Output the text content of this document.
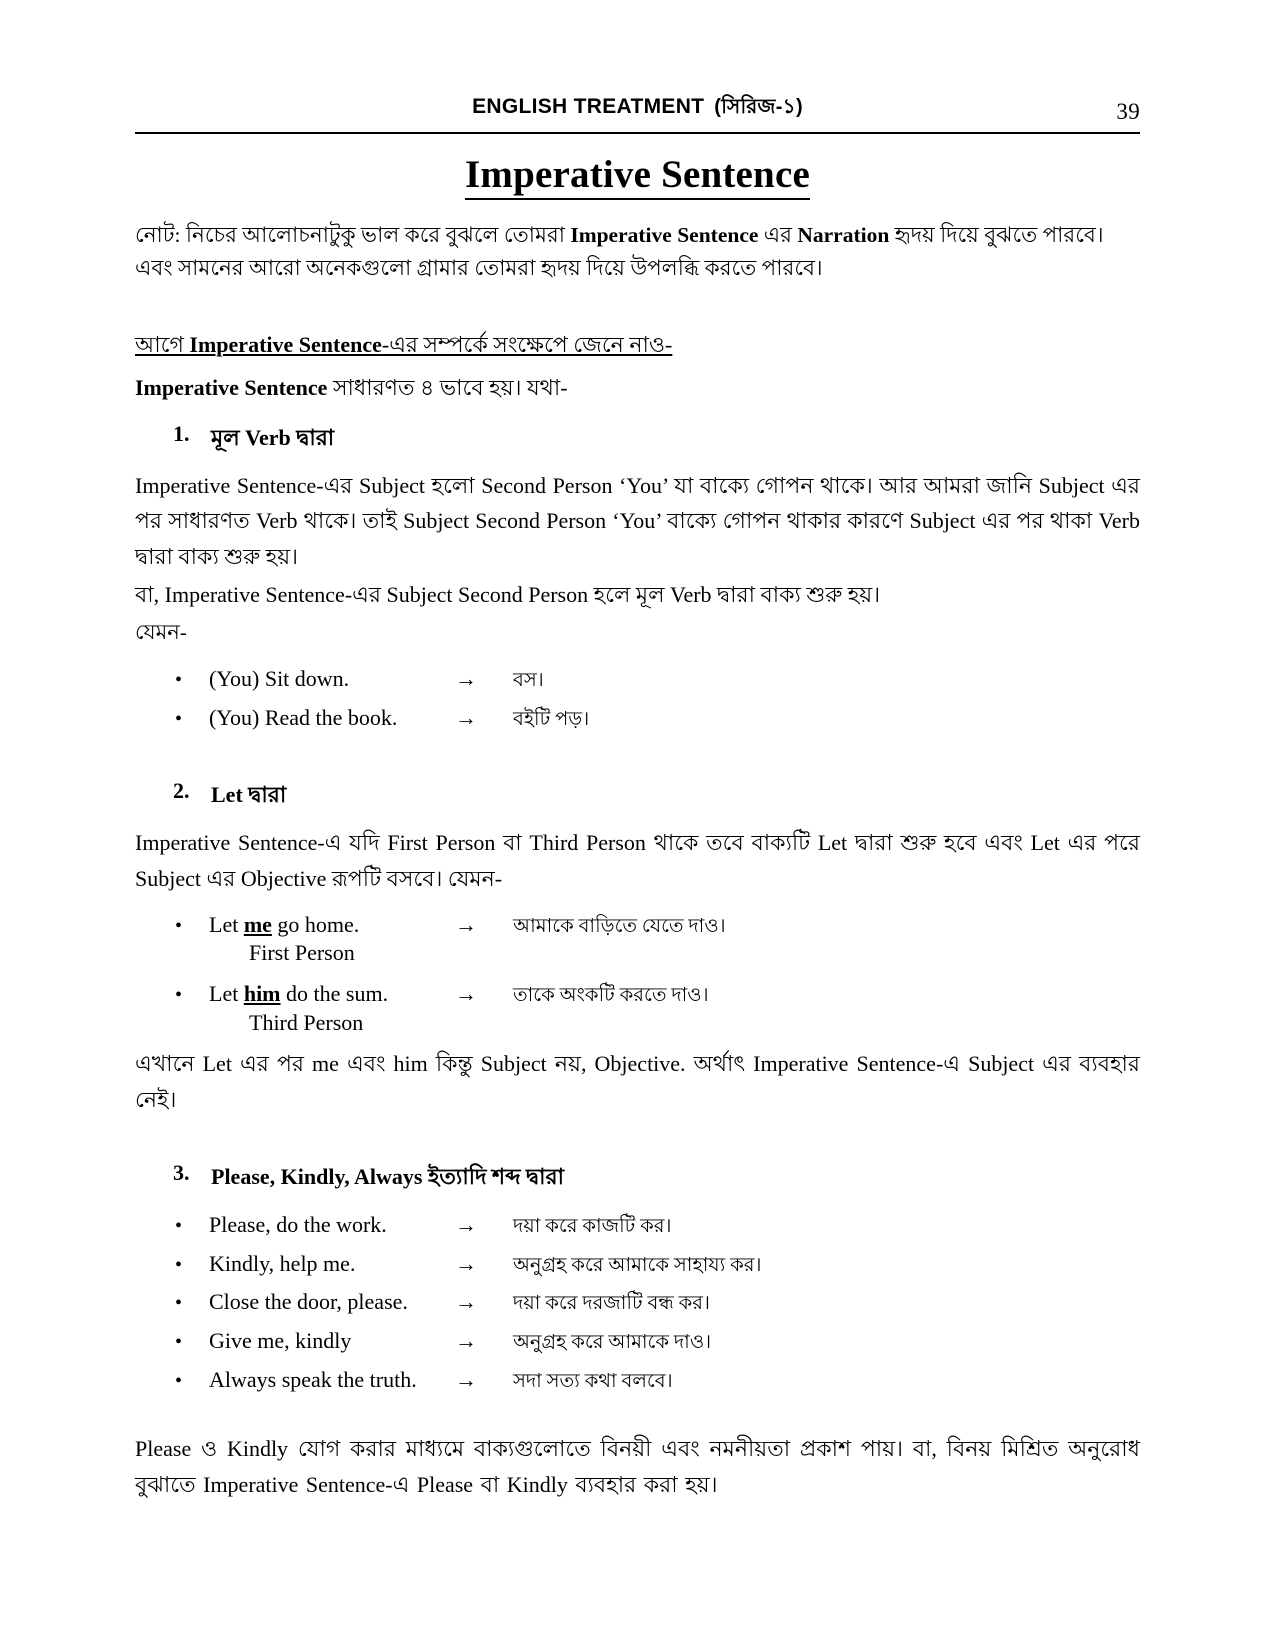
ENGLISH TREATMENT (সিরিজ-১)	39
Imperative Sentence
নোট: নিচের আলোচনাটুকু ভাল করে বুঝলে তোমরা Imperative Sentence এর Narration হৃদয় দিয়ে বুঝতে পারবে।
এবং সামনের আরো অনেকগুলো গ্রামার তোমরা হৃদয় দিয়ে উপলব্ধি করতে পারবে।
আগে Imperative Sentence-এর সম্পর্কে সংক্ষেপে জেনে নাও-
Imperative Sentence সাধারণত ৪ ভাবে হয়। যথা-
1. মূল Verb দ্বারা
Imperative Sentence-এর Subject হলো Second Person ‘You’ যা বাক্যে গোপন থাকে। আর আমরা জানি Subject এর পর সাধারণত Verb থাকে। তাই Subject Second Person ‘You’ বাক্যে গোপন থাকার কারণে Subject এর পর থাকা Verb দ্বারা বাক্য শুরু হয়।
বা, Imperative Sentence-এর Subject Second Person হলে মূল Verb দ্বারা বাক্য শুরু হয়।
যেমন-
•
(You) Sit down.	→	বস।
•
(You) Read the book.	→	বইটি পড়।
2. Let দ্বারা
Imperative Sentence-এ যদি First Person বা Third Person থাকে তবে বাক্যটি Let দ্বারা শুরু হবে এবং Let এর পরে Subject এর Objective রূপটি বসবে। যেমন-
•
Let me go home.	→	আমাকে বাড়িতে যেতে দাও।
First Person
•
Let him do the sum.	→	তাকে অংকটি করতে দাও।
Third Person
এখানে Let এর পর me এবং him কিন্তু Subject নয়, Objective. অর্থাৎ Imperative Sentence-এ Subject এর ব্যবহার নেই।
3. Please, Kindly, Always ইত্যাদি শব্দ দ্বারা
•
Please, do the work.	→	দয়া করে কাজটি কর।
•
Kindly, help me.	→	অনুগ্রহ করে আমাকে সাহায্য কর।
•
Close the door, please.	→	দয়া করে দরজাটি বন্ধ কর।
•
Give me, kindly	→	অনুগ্রহ করে আমাকে দাও।
•
Always speak the truth.	→	সদা সত্য কথা বলবে।
Please ও Kindly যোগ করার মাধ্যমে বাক্যগুলোতে বিনয়ী এবং নমনীয়তা প্রকাশ পায়। বা, বিনয় মিশ্রিত অনুরোধ বুঝাতে Imperative Sentence-এ Please বা Kindly ব্যবহার করা হয়।
